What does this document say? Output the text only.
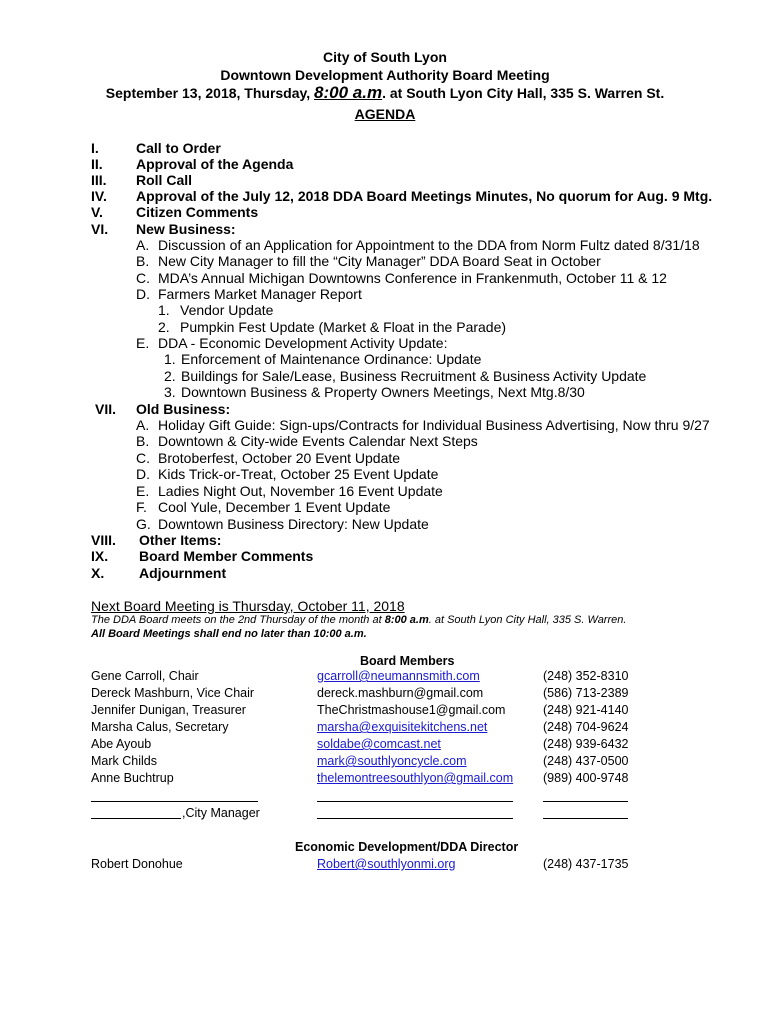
City of South Lyon
Downtown Development Authority Board Meeting
September 13, 2018, Thursday, 8:00 a.m. at South Lyon City Hall, 335 S. Warren St.
AGENDA
I.	Call to Order
II. Approval of the Agenda
III. Roll Call
IV. Approval of the July 12, 2018 DDA Board Meetings Minutes, No quorum for Aug. 9 Mtg.
V. Citizen Comments
VI. New Business:
A. Discussion of an Application for Appointment to the DDA from Norm Fultz dated 8/31/18
B. New City Manager to fill the “City Manager” DDA Board Seat in October
C. MDA’s Annual Michigan Downtowns Conference in Frankenmuth, October 11 & 12
D. Farmers Market Manager Report
1. Vendor Update
2. Pumpkin Fest Update (Market & Float in the Parade)
E. DDA - Economic Development Activity Update:
1. Enforcement of Maintenance Ordinance: Update
2. Buildings for Sale/Lease, Business Recruitment & Business Activity Update
3. Downtown Business & Property Owners Meetings, Next Mtg.8/30
VII. Old Business:
A. Holiday Gift Guide: Sign-ups/Contracts for Individual Business Advertising, Now thru 9/27
B. Downtown & City-wide Events Calendar Next Steps
C. Brotoberfest, October 20 Event Update
D. Kids Trick-or-Treat, October 25 Event Update
E. Ladies Night Out, November 16 Event Update
F. Cool Yule, December 1 Event Update
G. Downtown Business Directory: New Update
VIII. Other Items:
IX. Board Member Comments
X. Adjournment
Next Board Meeting is Thursday, October 11, 2018
The DDA Board meets on the 2nd Thursday of the month at 8:00 a.m. at South Lyon City Hall, 335 S. Warren.
All Board Meetings shall end no later than 10:00 a.m.
Board Members
Gene Carroll, Chair	gcarroll@neumannsmith.com	(248) 352-8310
Dereck Mashburn, Vice Chair	dereck.mashburn@gmail.com	(586) 713-2389
Jennifer Dunigan, Treasurer	TheChristmashouse1@gmail.com	(248) 921-4140
Marsha Calus, Secretary	marsha@exquisitekitchens.net	(248) 704-9624
Abe Ayoub	soldabe@comcast.net	(248) 939-6432
Mark Childs	mark@southlyoncycle.com	(248) 437-0500
Anne Buchtrup	thelemontreesouthlyon@gmail.com (989) 400-9748
,City Manager
Economic Development/DDA Director
Robert Donohue	Robert@southlyonmi.org	(248) 437-1735
